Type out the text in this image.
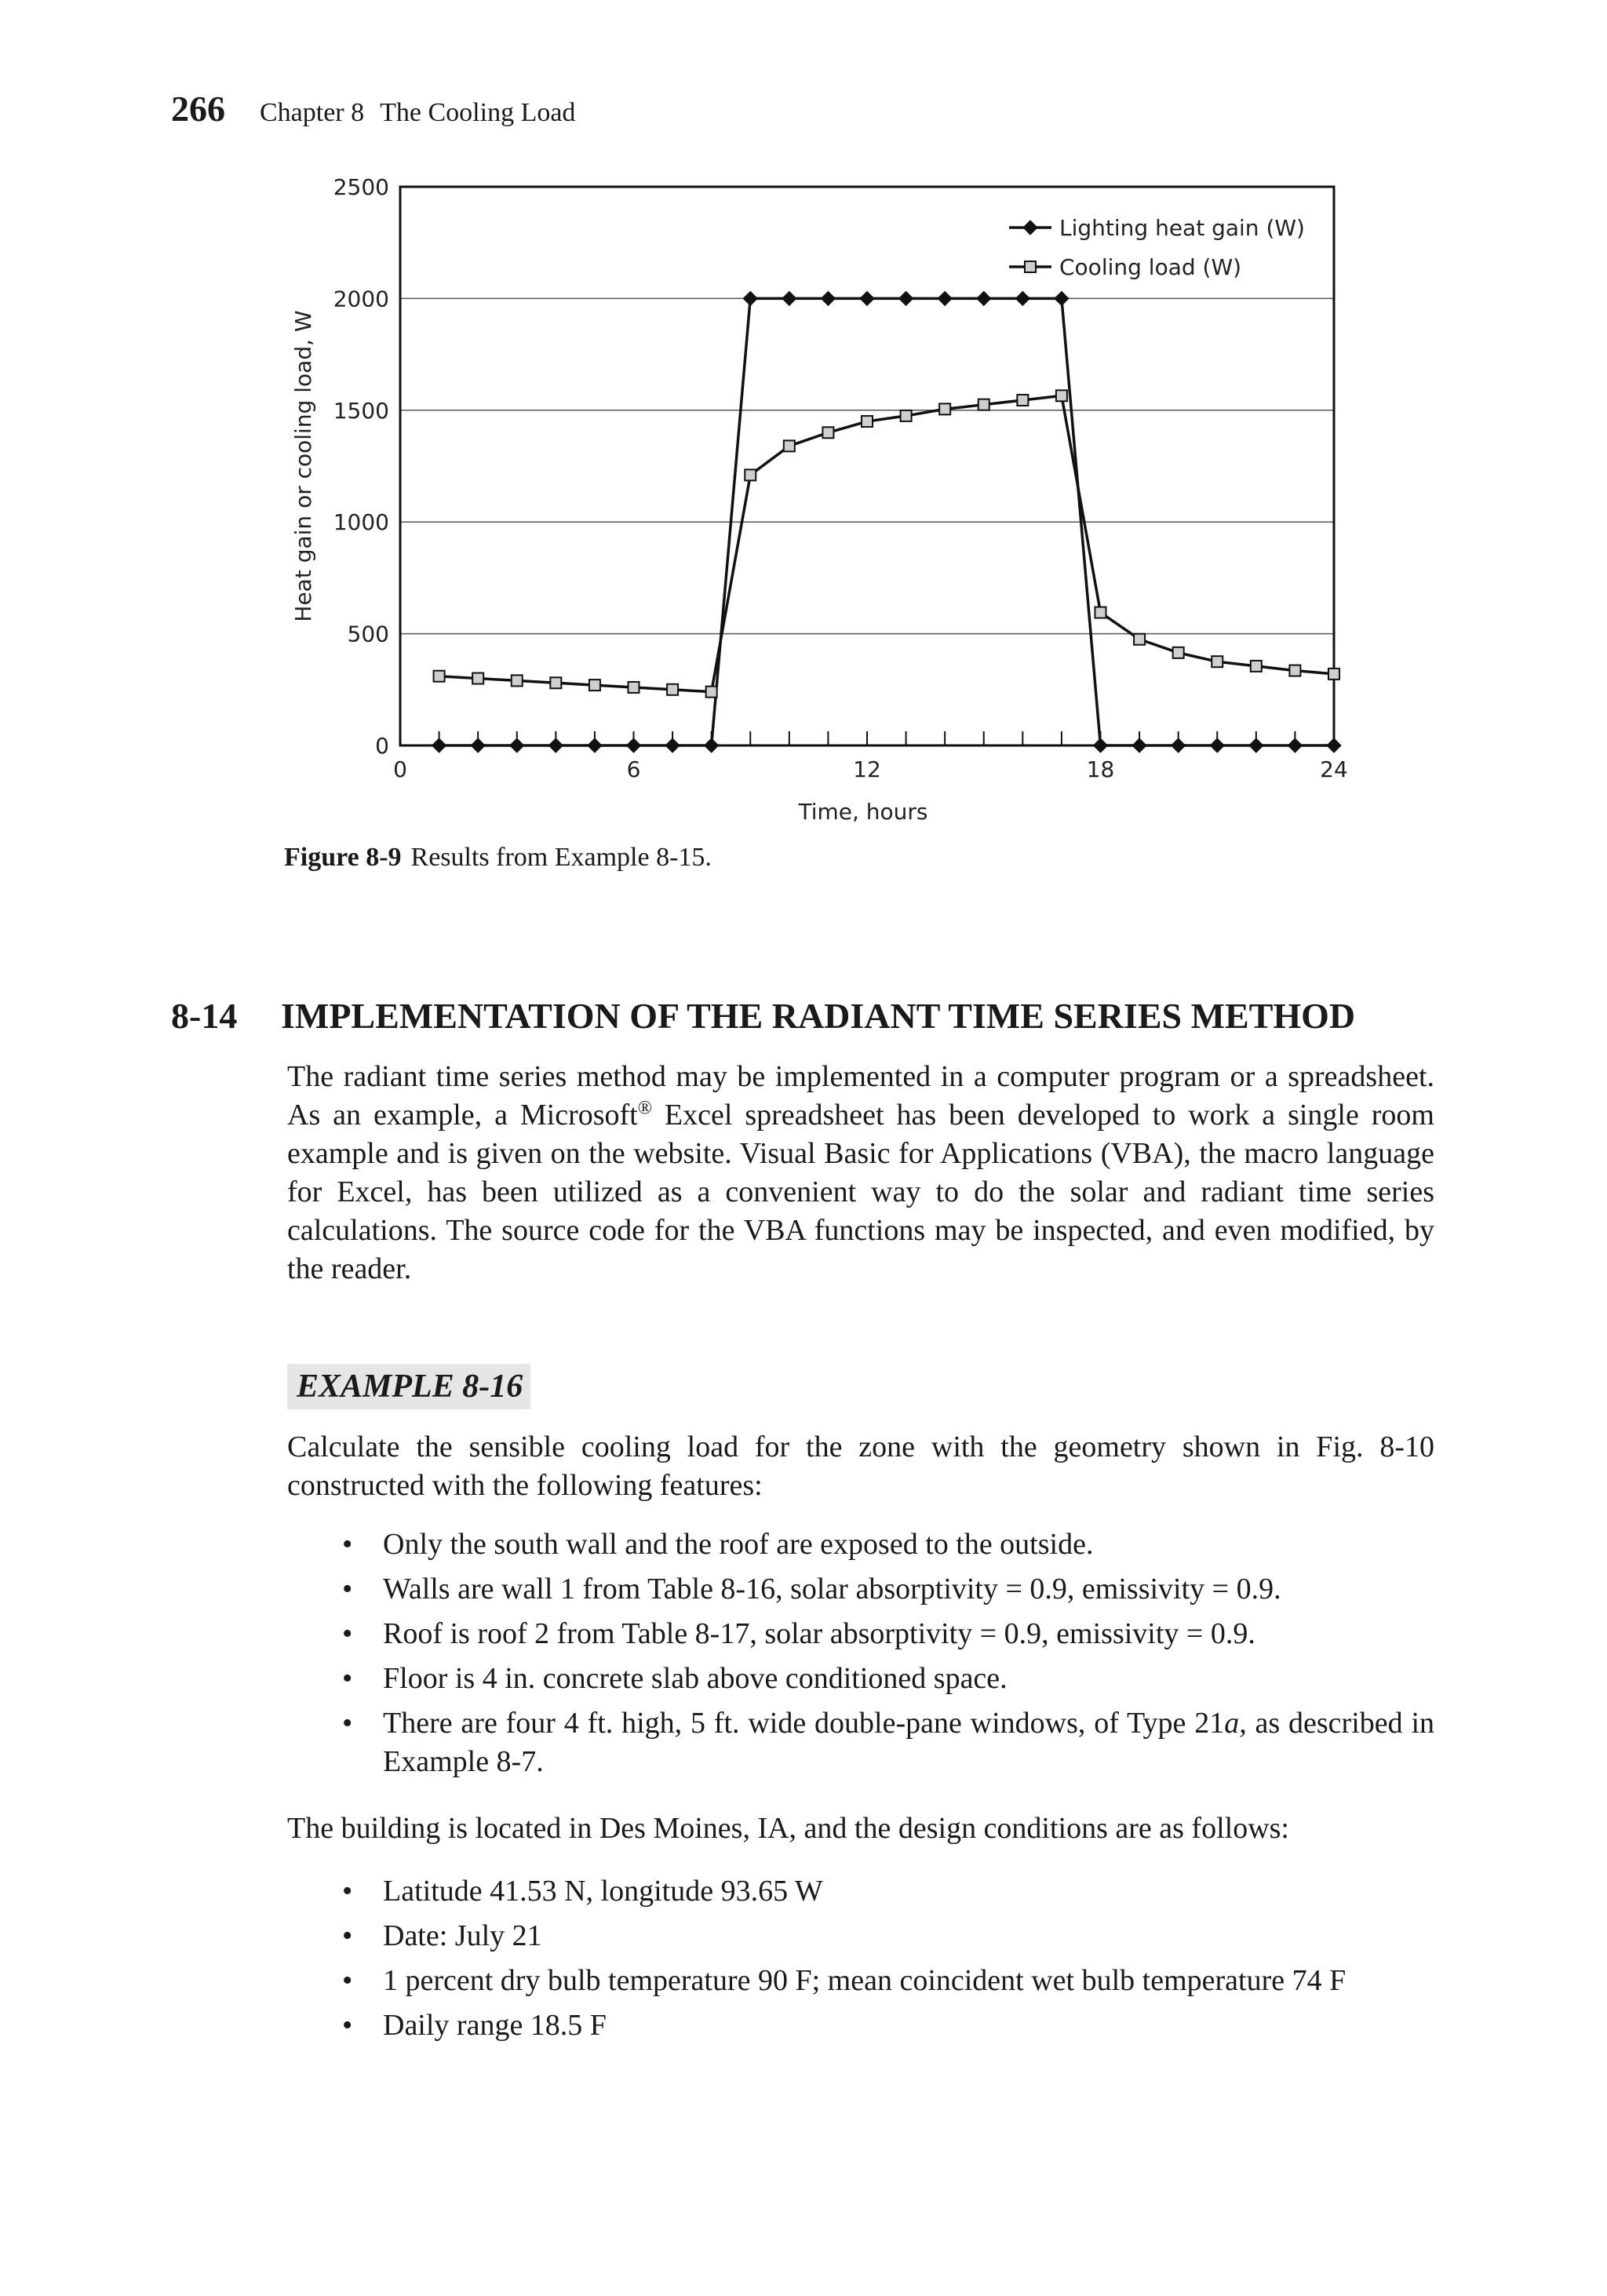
266 Chapter 8 The Cooling Load
0
500
1000
1500
2000
2500
0	6	12	18	24
Heat gain or cooling load, W
Time, hours
Lighting heat gain (W)
Cooling load (W)
Figure 8-9 Results from Example 8-15.
8-14 IMPLEMENTATION OF THE RADIANT TIME SERIES METHOD
The radiant time series method may be implemented in a computer program or a spreadsheet. As an example, a Microsoft® Excel spreadsheet has been developed to work a single room example and is given on the website. Visual Basic for Applications (VBA), the macro language for Excel, has been utilized as a convenient way to do the solar and radiant time series calculations. The source code for the VBA functions may be inspected, and even modified, by the reader.
EXAMPLE 8-16
Calculate the sensible cooling load for the zone with the geometry shown in Fig. 8-10 constructed with the following features:
• Only the south wall and the roof are exposed to the outside.
• Walls are wall 1 from Table 8-16, solar absorptivity = 0.9, emissivity = 0.9.
• Roof is roof 2 from Table 8-17, solar absorptivity = 0.9, emissivity = 0.9.
• Floor is 4 in. concrete slab above conditioned space.
• There are four 4 ft. high, 5 ft. wide double-pane windows, of Type 21a, as described in Example 8-7.
The building is located in Des Moines, IA, and the design conditions are as follows:
• Latitude 41.53 N, longitude 93.65 W
• Date: July 21
• 1 percent dry bulb temperature 90 F; mean coincident wet bulb temperature 74 F
• Daily range 18.5 F
